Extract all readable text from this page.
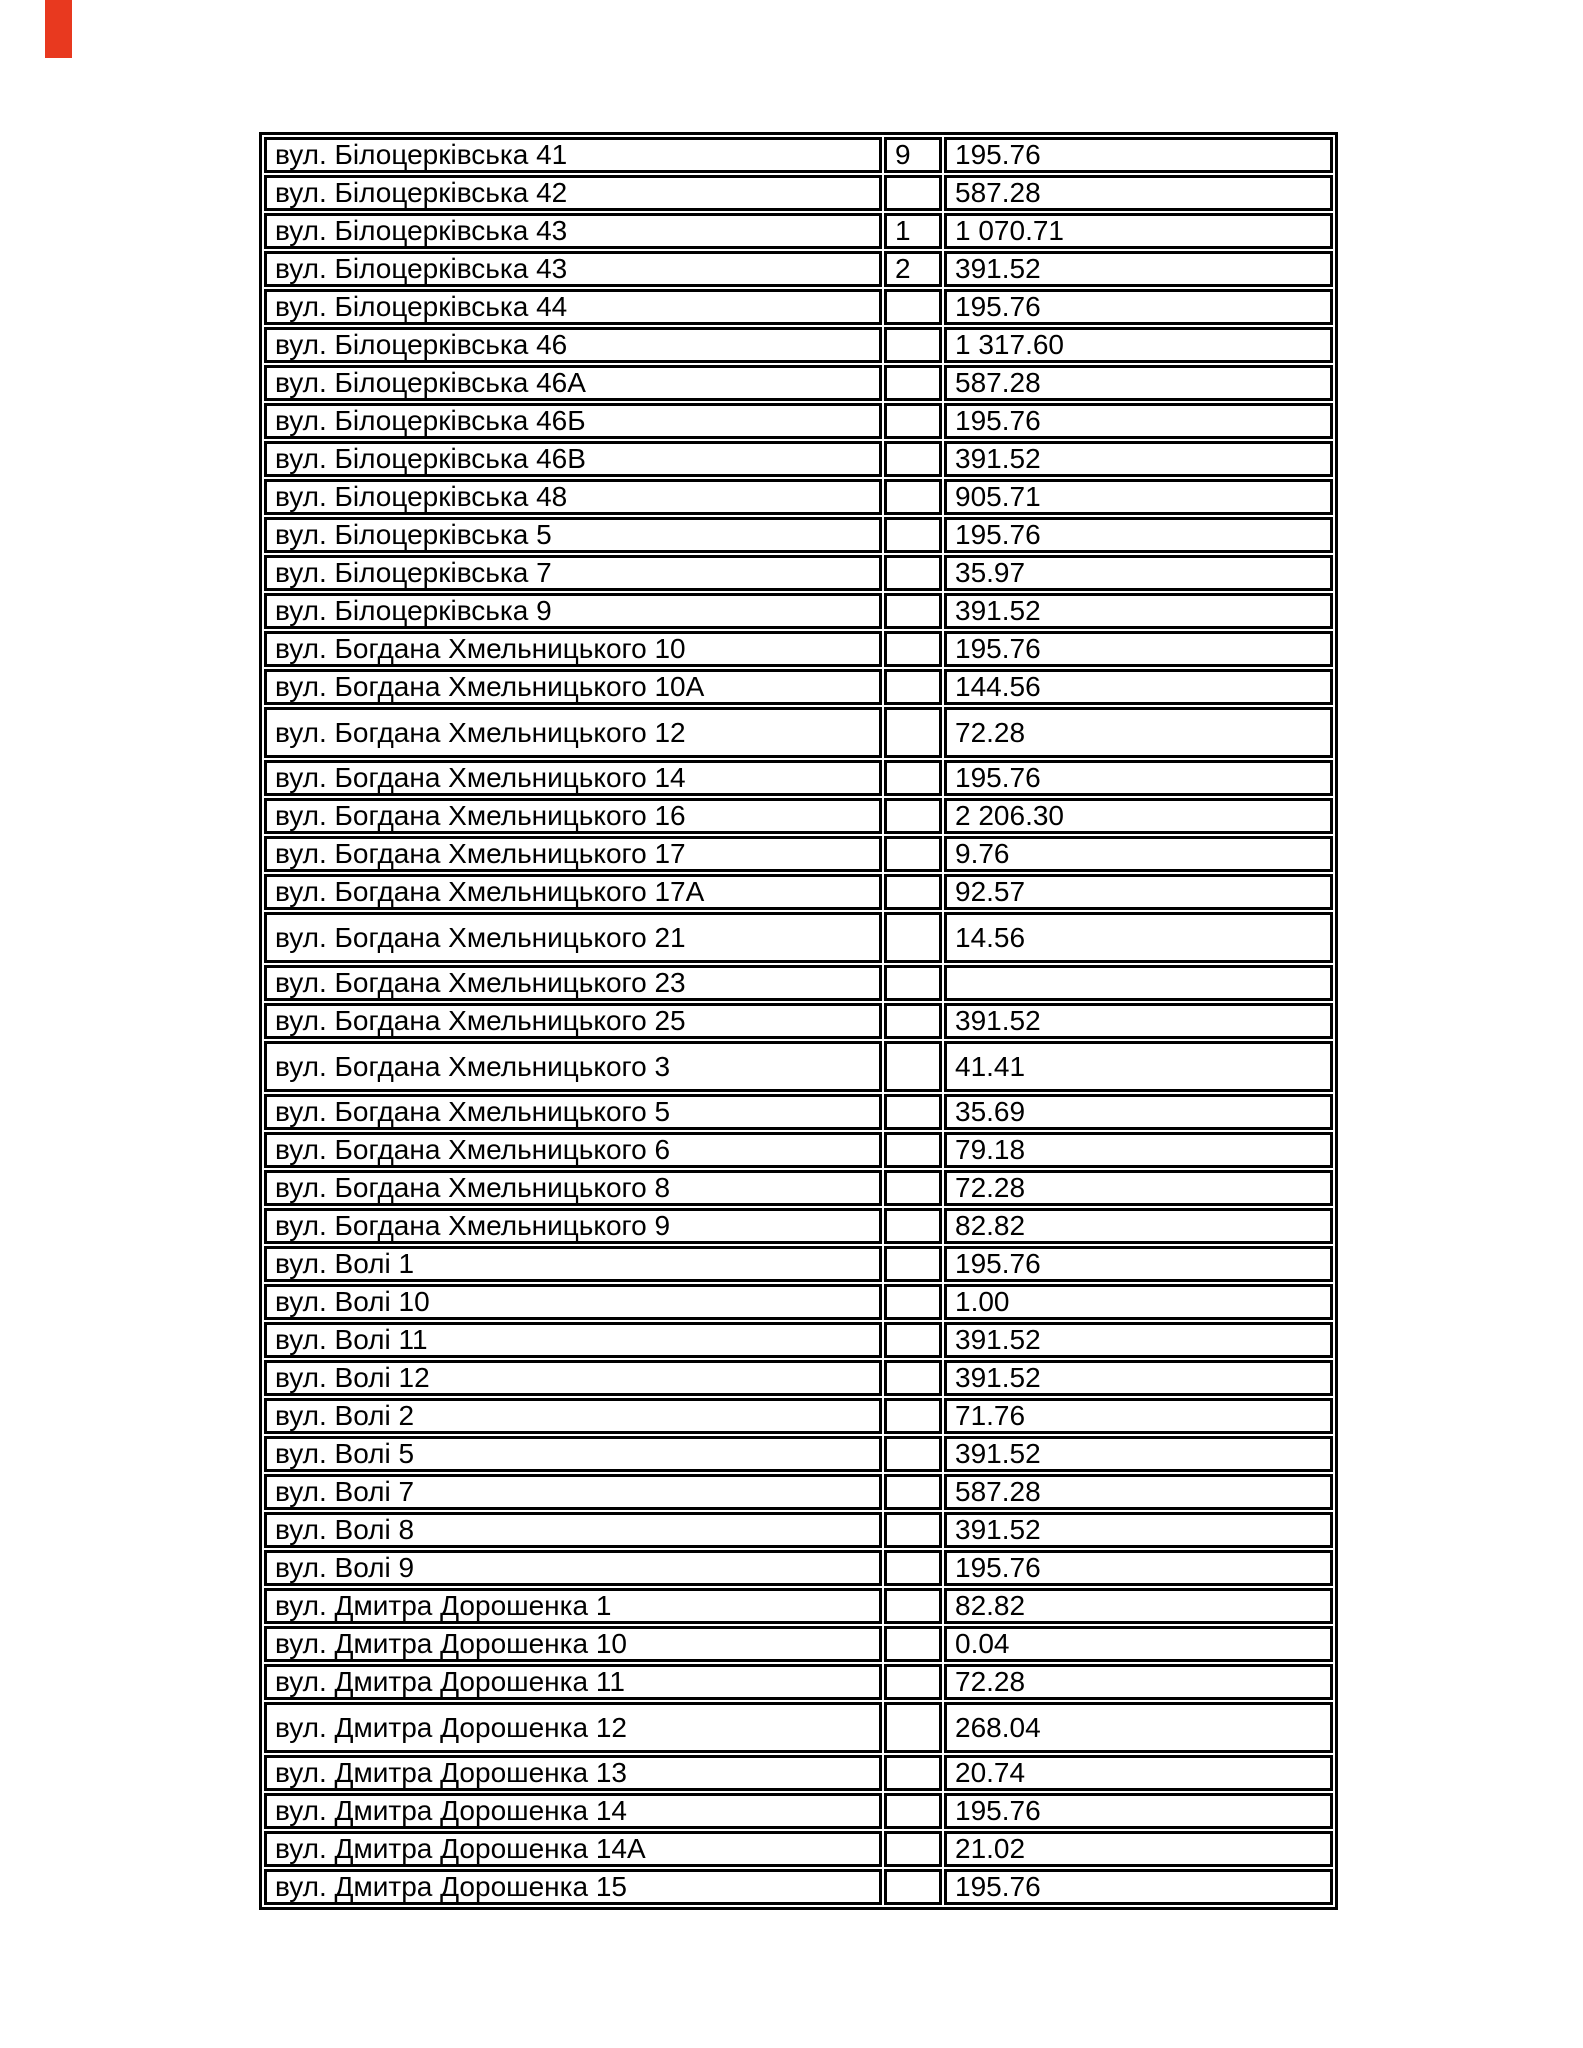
вул. Білоцерківська 41	9	195.76
вул. Білоцерківська 42		587.28
вул. Білоцерківська 43	1	1 070.71
вул. Білоцерківська 43	2	391.52
вул. Білоцерківська 44		195.76
вул. Білоцерківська 46		1 317.60
вул. Білоцерківська 46А		587.28
вул. Білоцерківська 46Б		195.76
вул. Білоцерківська 46В		391.52
вул. Білоцерківська 48		905.71
вул. Білоцерківська 5		195.76
вул. Білоцерківська 7		35.97
вул. Білоцерківська 9		391.52
вул. Богдана Хмельницького 10		195.76
вул. Богдана Хмельницького 10А		144.56
вул. Богдана Хмельницького 12		72.28
вул. Богдана Хмельницького 14		195.76
вул. Богдана Хмельницького 16		2 206.30
вул. Богдана Хмельницького 17		9.76
вул. Богдана Хмельницького 17А		92.57
вул. Богдана Хмельницького 21		14.56
вул. Богдана Хмельницького 23		
вул. Богдана Хмельницького 25		391.52
вул. Богдана Хмельницького 3		41.41
вул. Богдана Хмельницького 5		35.69
вул. Богдана Хмельницького 6		79.18
вул. Богдана Хмельницького 8		72.28
вул. Богдана Хмельницького 9		82.82
вул. Волі 1		195.76
вул. Волі 10		1.00
вул. Волі 11		391.52
вул. Волі 12		391.52
вул. Волі 2		71.76
вул. Волі 5		391.52
вул. Волі 7		587.28
вул. Волі 8		391.52
вул. Волі 9		195.76
вул. Дмитра Дорошенка 1		82.82
вул. Дмитра Дорошенка 10		0.04
вул. Дмитра Дорошенка 11		72.28
вул. Дмитра Дорошенка 12		268.04
вул. Дмитра Дорошенка 13		20.74
вул. Дмитра Дорошенка 14		195.76
вул. Дмитра Дорошенка 14А		21.02
вул. Дмитра Дорошенка 15		195.76
